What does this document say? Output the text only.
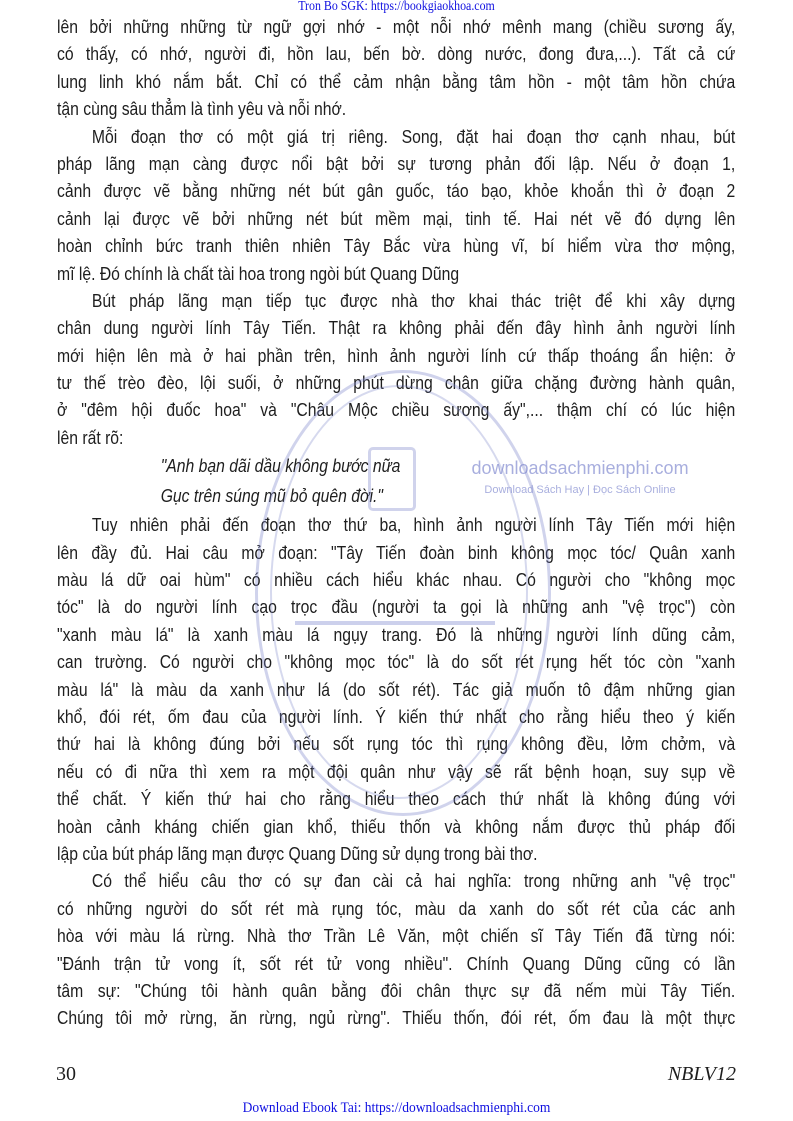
Tron Bo SGK: https://bookgiaokhoa.com
lên bởi những những từ ngữ gợi nhớ - một nỗi nhớ mênh mang (chiều sương ấy,
có thấy, có nhớ, người đi, hồn lau, bến bờ. dòng nước, đong đưa,...). Tất cả cứ
lung linh khó nắm bắt. Chỉ có thể cảm nhận bằng tâm hồn - một tâm hồn chứa
tận cùng sâu thẳm là tình yêu và nỗi nhớ.
Mỗi đoạn thơ có một giá trị riêng. Song, đặt hai đoạn thơ cạnh nhau, bút
pháp lãng mạn càng được nổi bật bởi sự tương phản đối lập. Nếu ở đoạn 1,
cảnh được vẽ bằng những nét bút gân guốc, táo bạo, khỏe khoắn thì ở đoạn 2
cảnh lại được vẽ bởi những nét bút mềm mại, tinh tế. Hai nét vẽ đó dựng lên
hoàn chỉnh bức tranh thiên nhiên Tây Bắc vừa hùng vĩ, bí hiểm vừa thơ mộng,
mĩ lệ. Đó chính là chất tài hoa trong ngòi bút Quang Dũng
Bút pháp lãng mạn tiếp tục được nhà thơ khai thác triệt để khi xây dựng
chân dung người lính Tây Tiến. Thật ra không phải đến đây hình ảnh người lính
mới hiện lên mà ở hai phần trên, hình ảnh người lính cứ thấp thoáng ẩn hiện: ở
tư thế trèo đèo, lội suối, ở những phút dừng chân giữa chặng đường hành quân,
ở "đêm hội đuốc hoa" và "Châu Mộc chiều sương ấy",... thậm chí có lúc hiện
lên rất rõ:
"Anh bạn dãi dầu không bước nữa
Gục trên súng mũ bỏ quên đời."
Tuy nhiên phải đến đoạn thơ thứ ba, hình ảnh người lính Tây Tiến mới hiện
lên đầy đủ. Hai câu mở đoạn: "Tây Tiến đoàn binh không mọc tóc/ Quân xanh
màu lá dữ oai hùm" có nhiều cách hiểu khác nhau. Có người cho "không mọc
tóc" là do người lính cạo trọc đầu (người ta gọi là những anh "vệ trọc") còn
"xanh màu lá" là xanh màu lá ngụy trang. Đó là những người lính dũng cảm,
can trường. Có người cho "không mọc tóc" là do sốt rét rụng hết tóc còn "xanh
màu lá" là màu da xanh như lá (do sốt rét). Tác giả muốn tô đậm những gian
khổ, đói rét, ốm đau của người lính. Ý kiến thứ nhất cho rằng hiểu theo ý kiến
thứ hai là không đúng bởi nếu sốt rụng tóc thì rụng không đều, lởm chởm, và
nếu có đi nữa thì xem ra một đội quân như vậy sẽ rất bệnh hoạn, suy sụp về
thể chất. Ý kiến thứ hai cho rằng hiểu theo cách thứ nhất là không đúng với
hoàn cảnh kháng chiến gian khổ, thiếu thốn và không nắm được thủ pháp đối
lập của bút pháp lãng mạn được Quang Dũng sử dụng trong bài thơ.
Có thể hiểu câu thơ có sự đan cài cả hai nghĩa: trong những anh "vệ trọc"
có những người do sốt rét mà rụng tóc, màu da xanh do sốt rét của các anh
hòa với màu lá rừng. Nhà thơ Trần Lê Văn, một chiến sĩ Tây Tiến đã từng nói:
"Đánh trận tử vong ít, sốt rét tử vong nhiều". Chính Quang Dũng cũng có lần
tâm sự: "Chúng tôi hành quân bằng đôi chân thực sự đã nếm mùi Tây Tiến.
Chúng tôi mở rừng, ăn rừng, ngủ rừng". Thiếu thốn, đói rét, ốm đau là một thực
downloadsachmienphi.com
Download Sách Hay | Đọc Sách Online
30	NBLV12
Download Ebook Tai: https://downloadsachmienphi.com
